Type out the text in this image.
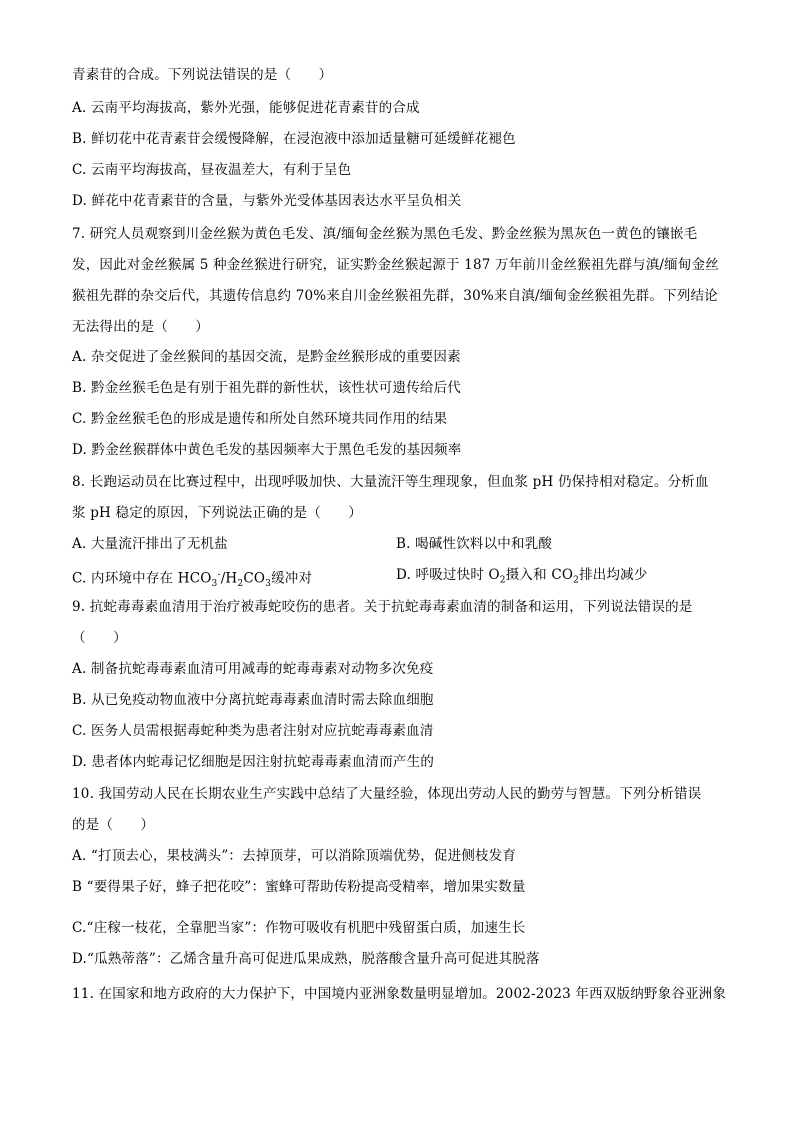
青素苷的合成。下列说法错误的是（　　）
A. 云南平均海拔高，紫外光强，能够促进花青素苷的合成
B. 鲜切花中花青素苷会缓慢降解，在浸泡液中添加适量糖可延缓鲜花褪色
C. 云南平均海拔高，昼夜温差大，有利于呈色
D. 鲜花中花青素苷的含量，与紫外光受体基因表达水平呈负相关
7. 研究人员观察到川金丝猴为黄色毛发、滇/缅甸金丝猴为黑色毛发、黔金丝猴为黑灰色一黄色的镶嵌毛
发，因此对金丝猴属 5 种金丝猴进行研究，证实黔金丝猴起源于 187 万年前川金丝猴祖先群与滇/缅甸金丝
猴祖先群的杂交后代，其遗传信息约 70%来自川金丝猴祖先群，30%来自滇/缅甸金丝猴祖先群。下列结论
无法得出的是（　　）
A. 杂交促进了金丝猴间的基因交流，是黔金丝猴形成的重要因素
B. 黔金丝猴毛色是有别于祖先群的新性状，该性状可遗传给后代
C. 黔金丝猴毛色的形成是遗传和所处自然环境共同作用的结果
D. 黔金丝猴群体中黄色毛发的基因频率大于黑色毛发的基因频率
8. 长跑运动员在比赛过程中，出现呼吸加快、大量流汗等生理现象，但血浆 pH 仍保持相对稳定。分析血
浆 pH 稳定的原因，下列说法正确的是（　　）
A. 大量流汗排出了无机盐	B. 喝碱性饮料以中和乳酸
C. 内环境中存在 $HCO_3^-/H_2CO_3$缓冲对	D. 呼吸过快时 $O_2$摄入和 $CO_2$排出均减少
9. 抗蛇毒毒素血清用于治疗被毒蛇咬伤的患者。关于抗蛇毒毒素血清的制备和运用，下列说法错误的是
（　　）
A. 制备抗蛇毒毒素血清可用减毒的蛇毒毒素对动物多次免疫
B. 从已免疫动物血液中分离抗蛇毒毒素血清时需去除血细胞
C. 医务人员需根据毒蛇种类为患者注射对应抗蛇毒毒素血清
D. 患者体内蛇毒记忆细胞是因注射抗蛇毒毒素血清而产生的
10. 我国劳动人民在长期农业生产实践中总结了大量经验，体现出劳动人民的勤劳与智慧。下列分析错误
的是（　　）
A. “打顶去心，果枝满头”：去掉顶芽，可以消除顶端优势，促进侧枝发育
B “要得果子好，蜂子把花咬”：蜜蜂可帮助传粉提高受精率，增加果实数量
C.“庄稼一枝花，全靠肥当家”：作物可吸收有机肥中残留蛋白质，加速生长
D.“瓜熟蒂落”：乙烯含量升高可促进瓜果成熟，脱落酸含量升高可促进其脱落
11. 在国家和地方政府的大力保护下，中国境内亚洲象数量明显增加。2002-2023 年西双版纳野象谷亚洲象
